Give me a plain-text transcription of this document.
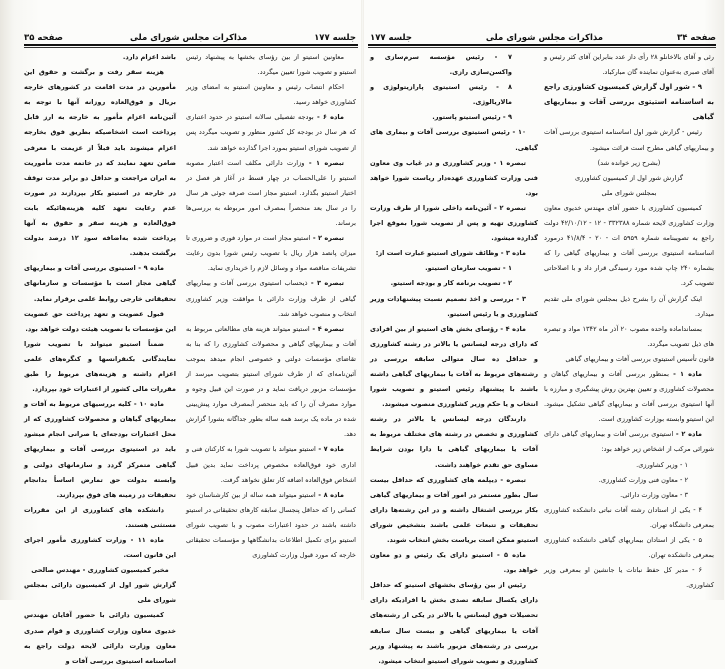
جلسه ۱۷۷
مذاکرات مجلس شورای ملی
صفحه ۳۵

معاونین استیتو از بین رؤسای بخشها به پیشنهاد رئیس استیتو و تصویب شورا تعیین میگردد.

احکام انتصاب رئیس و معاونین استیتو به امضای وزیر کشاورزی خواهد رسید.

ماده ۶ - بودجه تفصیلی سالانه استیتو در حدود اعتباری که هر سال در بودجه کل کشور منظور و تصویب میگردد پس از تصویب شورای استیتو بمورد اجرا گذارده خواهد شد.

تبصره ۱ - وزارت دارائی مکلف است اعتبار مصوبه استیتو را علی‌الحساب در چهار قسط در آغاز هر فصل در اختیار استیتو بگذارد. استیتو مجاز است صرفه جوئی هر سال را در سال بعد منحصراً بمصرف امور مربوطه به بررسی‌ها برساند.

تبصره ۲ - استیتو مجاز است در موارد فوری و ضروری تا میزان پانصد هزار ریال با تصویب رئیس شورا بدون رعایت تشریفات مناقصه مواد و وسائل لازم را خریداری نماید.

تبصره ۳ - ذیحساب استیتوی بررسی آفات و بیماریهای گیاهی از طرف وزارت دارائی با موافقت وزیر کشاورزی انتخاب و منصوب خواهد شد.

تبصره ۴ - استیتو میتواند هزینه های مطالعاتی مربوط به آفات و بیماریهای گیاهی و محصولات کشاورزی را که بنا به تقاضای مؤسسات دولتی و خصوصی انجام میدهد بموجب آئین‌نامه‌ای که از طرف شورای استیتو بتصویب میرسد از مؤسسات مزبور دریافت نماید و در صورت این قبیل وجوه و موارد مصرف آن را که باید منحصر آبمصرف موارد پیش‌بینی شده در ماده یک برسد همه ساله بطور جداگانه بشورا گزارش دهد.

ماده ۷ - استیتو میتواند با تصویب شورا به کارکنان فنی و اداری خود فوق‌العاده مخصوص پرداخت نماید بدین قبیل اشخاص فوق‌العاده اضافه کار تعلق نخواهد گرفت.

ماده ۸ - استیتو میتواند همه ساله از بین کارشناسان خود کسانی را که حداقل پنجسال سابقه کارهای تحقیقاتی در استیتو داشته باشند در حدود اعتبارات مصوب و با تصویب شورای استیتو برای تکمیل اطلاعات بدانشگاهها و مؤسسات تحقیقاتی خارجه که مورد قبول وزارت کشاورزی

باشد اعزام دارد.

هزینه سفر رفت و برگشت و حقوق این مأمورین در مدت اقامت در کشورهای خارجه بریال و فوق‌العاده روزانه آنها با توجه به آئین‌نامه اعزام مأمور به خارجه به ارز قابل پرداخت است اشخاصیکه بطریق فوق بخارجه اعزام میشوند باید قبلاً از عزیمت با معرفی ضامن تعهد نمایند که در خاتمه مدت مأموریت به ایران مراجعت و حداقل دو برابر مدت توقف در خارجه در استیتو بکار بپردازند در صورت عدم رعایت تعهد کلیه هزینه‌هائیکه بابت فوق‌العاده و هزینه سفر و حقوق به آنها پرداخت شده به‌اضافه سود ۱۲ درصد بدولت برگشت بدهند.

ماده ۹ - استیتوی بررسی آفات و بیماریهای گیاهی مجاز است با مؤسسات و سازمانهای تحقیقاتی خارجی روابط علمی برقرار نماید.

قبول عضویت و تعهد پرداخت حق عضویت این مؤسسات با تصویب هیئت دولت خواهد بود.

ضمناً استیتو میتواند با تصویب شورا نمایندگانی بکنفرانسها و کنگره‌های علمی اعزام داشته و هزینه‌های مربوط را طبق مقررات مالی کشور از اعتبارات خود بپردازد.

ماده ۱۰ - کلیه بررسیهای مربوط به آفات و بیماریهای گیاهان و محصولات کشاورزی که از محل اعتبارات بودجه‌ای یا صرانی انجام میشود باید در استیتوی بررسی آفات و بیماریهای گیاهی متمرکز گردد و سازمانهای دولتی و وابسته بدولت حق تمارض اساساً بدانجام تحقیقات در زمینه های فوق بپردازند.

دانشکده های کشاورزی از این مقررات مستثنی هستند.

ماده ۱۱ - وزارت کشاورزی مأمور اجرای این قانون است.

مخبر کمیسیون کشاورزی - مهندس صالحی

گزارش شور اول از کمیسیون دارائی بمجلس شورای ملی

کمیسیون دارائی با حضور آقایان مهندس خدیوی معاون وزارت کشاورزی و قوام صدری معاون وزارت دارائی لایحه دولت راجع به اساسنامه استیتوی بررسی آفات و

صفحه ۳۴
مذاکرات مجلس شورای ملی
جلسه ۱۷۷

رئی و آقای بالاخانلو ۲۸ رأی داز عدد بنابراین آقای کثر رئیس و آقای صبری به‌عنوان نماینده گان مبارکباد.

۹ - شور اول گزارش کمیسیون کشاورزی راجع به اساسنامه استیتوی بررسی آفات و بیماریهای گیاهی

رئیس - گزارش شور اول اساسنامه استیتوی بررسی آفات و بیماریهای گیاهی مطرح است قرائت میشود.

(بشرح زیر خوانده شد)

گزارش شور اول از کمیسیون کشاورزی

بمجلس شورای ملی

کمیسیون کشاورزی با حضور آقای مهندس خدیوی معاون وزارت کشاورزی لایحه شماره ۳۳۲۳۸۸ - ۱۲ - ۴۲/۱۰/۱۲ دولت راجع به تصویبنامه شماره ۵۹۵۹ ات - ۲۰ - ۴۱/۸/۴ درمورد اساسنامه استیتوی بررسی آفات و بیماریهای گیاهی را که بشماره ۲۴۰ چاپ شده مورد رسیدگی قرار داد و با اصلاحاتی تصویب کرد.

اینک گزارش آن را بشرح ذیل بمجلس شورای ملی تقدیم میدارد.

بمسانداماده واحده مصوب ۲۰ آذر ماه ۱۳۴۲ مواد و تبصره های ذیل تصویب میگردد.

قانون تأسیس استیتوی بررسی آفات و بیماریهای گیاهی

ماده ۱ - بمنظور بررسی آفات و بیماریهای گیاهان و محصولات کشاورزی و تعیین بهترین روش پیشگیری و مبارزه با آنها استیتوی بررسی آفات و بیماریهای گیاهی تشکیل میشود. این استیتو وابسته بوزارت کشاورزی است.

ماده ۲ - استیتوی بررسی آفات و بیماریهای گیاهی دارای شورائی مرکب از اشخاص زیر خواهد بود:

۱ - وزیر کشاورزی.

۲ - معاون فنی وزارت کشاورزی.

۳ - معاون وزارت دارائی.

۴ - یکی از استادان رشته آفات نباتی دانشکده کشاورزی بمعرفی دانشگاه تهران.

۵ - یکی از استادان بیماریهای گیاهی دانشکده کشاورزی بمعرفی دانشکده تهران.

۶ - مدیر کل حفظ نباتات یا جانشین او بمعرفی وزیر کشاورزی.

۷ - رئیس مؤسسه سرم‌سازی و واکسن‌سازی رازی.

۸ - رئیس استیتوی پارازیتولوژی و مالاریالوژی.

۹ - رئیس استیتو پاستور.

۱۰ - رئیس استیتوی بررسی آفات و بیماری های گیاهی.

تبصره ۱ - وزیر کشاورزی و در غیاب وی معاون فنی وزارت کشاورزی عهده‌دار ریاست شورا خواهد بود.

تبصره ۲ - آئین‌نامه داخلی شورا از طرف وزارت کشاورزی تهیه و پس از تصویب شورا بموقع اجرا گذارده میشود.

ماده ۳ - وظائف شورای استیتو عبارت است از:

۱ - تصویب سازمان استیتو.

۲ - تصویب برنامه کار و بودجه استیتو.

۳ - بررسی و اخذ تصمیم نسبت پیشنهادات وزیر کشاورزی و یا رئیس استیتو.

ماده ۴ - رؤسای بخش های استیتو از بین افرادی که دارای درجه لیسانس یا بالاتر در رشته کشاورزی و حداقل ده سال متوالی سابقه بررسی در رشته‌های مربوط به آفات یا بیماریهای گیاهی داشته باشند با پیشنهاد رئیس استیتو و تصویب شورا انتخاب و یا حکم وزیر کشاورزی منصوب میشوند.

دارندگان درجه لیسانس یا بالاتر در رشته کشاورزی و تخصص در رشته های مختلف مربوط به آفات یا بیماریهای گیاهی یا دارا بودن شرایط مساوی حق تقدم خواهند داشت.

تبصره - دیپلمه های کشاورزی که حداقل بیست سال بطور مستمر در امور آفات و بیماریهای گیاهی بکار بررسی اشتغال داشته و در این رشته‌ها دارای تحقیقات و تتبعات علمی باشند بتشخیص شورای استیتو ممکن است بریاست بخش انتخاب شوند.

ماده ۵ - استیتو دارای یک رئیس و دو معاون خواهد بود.

رئیس از بین رؤسای بخشهای استیتو که حداقل دارای یکسال سابقه تصدی بخش یا افرادیکه دارای تحصیلات فوق لیسانس یا بالاتر در یکی از رشته‌های آفات یا بیماریهای گیاهی و بیست سال سابقه بررسی در رشته‌های مزبور باشند به پیشنهاد وزیر کشاورزی و تصویب شورای استیتو انتخاب میشود.
